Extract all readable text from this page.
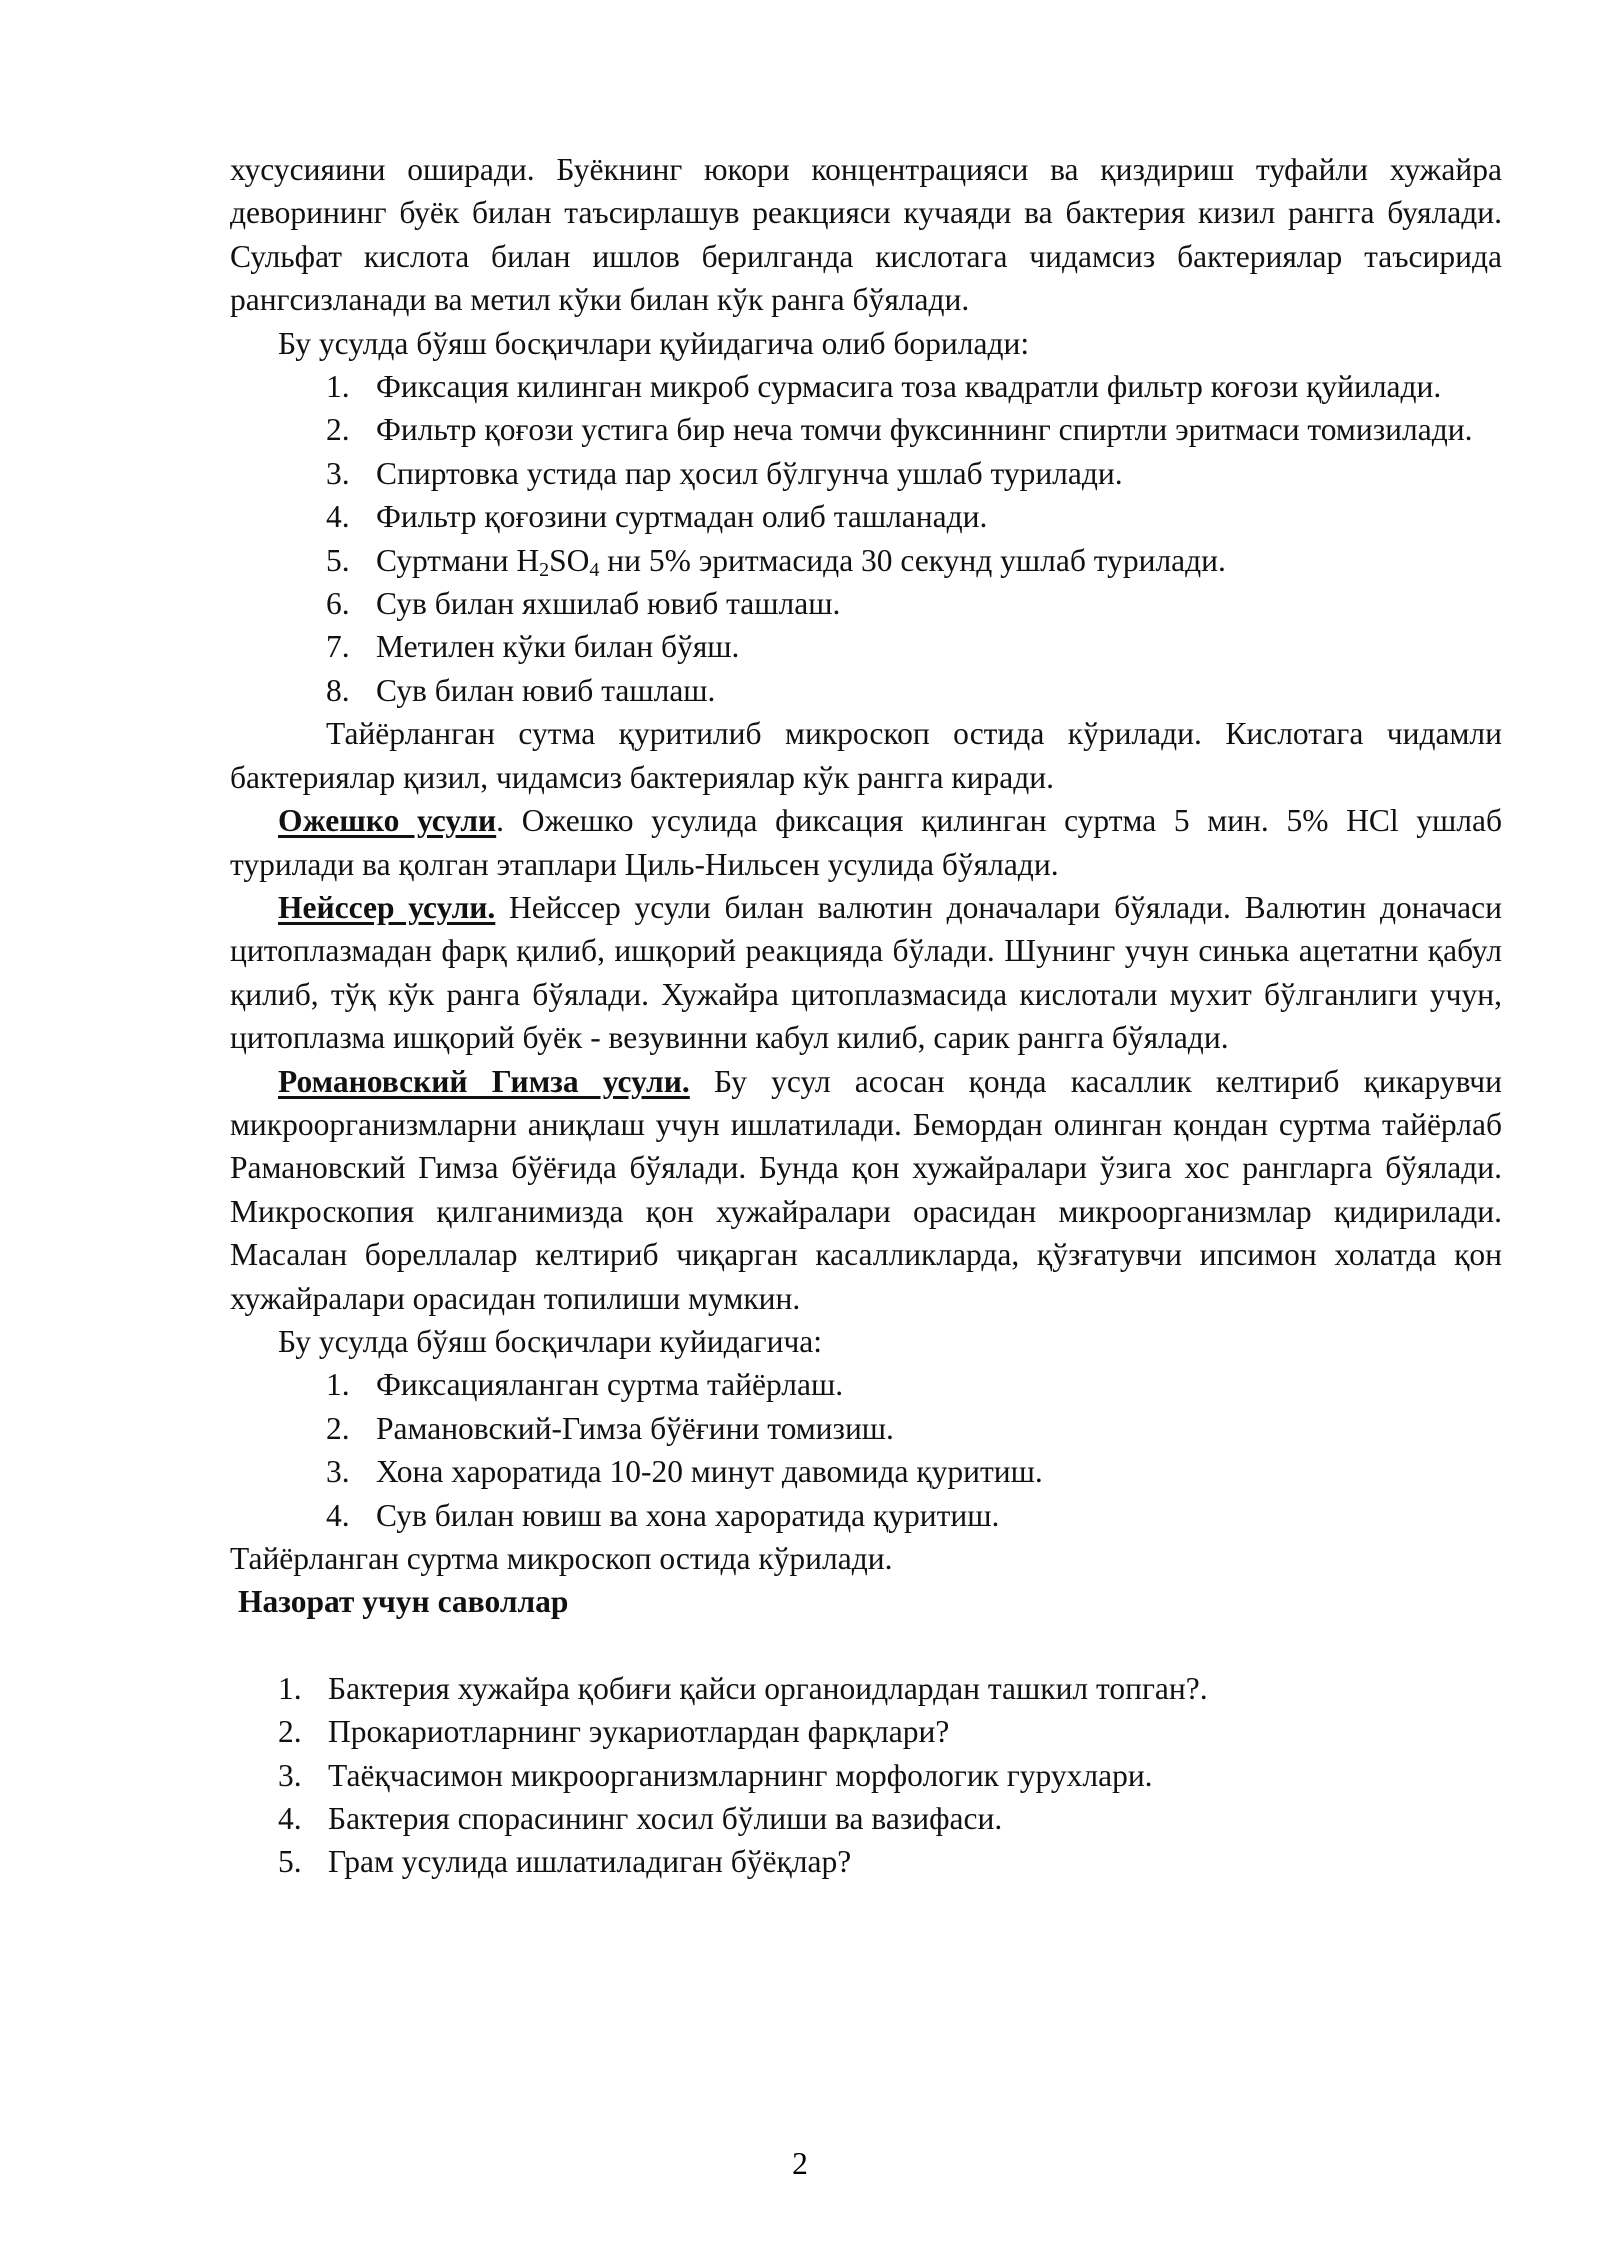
хусусияини оширади. Буёкнинг юкори концентрацияси ва қиздириш туфайли хужайра деворининг буёк билан таъсирлашув реакцияси кучаяди ва бактерия кизил рангга буялади. Сульфат кислота билан ишлов берилганда кислотага чидамсиз бактериялар таъсирида рангсизланади ва метил кўки билан кўк ранга бўялади.

Бу усулда бўяш босқичлари қуйидагича олиб борилади:

1. Фиксация килинган микроб сурмасига тоза квадратли фильтр коғози қуйилади.
2. Фильтр қоғози устига бир неча томчи фуксиннинг спиртли эритмаси томизилади.
3. Спиртовка устида пар ҳосил бўлгунча ушлаб турилади.
4. Фильтр қоғозини суртмадан олиб ташланади.
5. Суртмани $H_2SO_4$ ни 5% эритмасида 30 секунд ушлаб турилади.
6. Сув билан яхшилаб ювиб ташлаш.
7. Метилен кўки билан бўяш.
8. Сув билан ювиб ташлаш.

Тайёрланган сутма қуритилиб микроскоп остида кўрилади. Кислотага чидамли бактериялар қизил, чидамсиз бактериялар кўк рангга киради.

Ожешко усули. Ожешко усулида фиксация қилинган суртма 5 мин. 5% HCl ушлаб турилади ва қолган этаплари Циль-Нильсен усулида бўялади.

Нейссер усули. Нейссер усули билан валютин доначалари бўялади. Валютин доначаси цитоплазмадан фарқ қилиб, ишқорий реакцияда бўлади. Шунинг учун синька ацетатни қабул қилиб, тўқ кўк ранга бўялади. Хужайра цитоплазмасида кислотали мухит бўлганлиги учун, цитоплазма ишқорий буёк - везувинни кабул килиб, сарик рангга бўялади.

Романовский Гимза усули. Бу усул асосан қонда касаллик келтириб қикарувчи микроорганизмларни аниқлаш учун ишлатилади. Бемордан олинган қондан суртма тайёрлаб Рамановский Гимза бўёғида бўялади. Бунда қон хужайралари ўзига хос рангларга бўялади. Микроскопия қилганимизда қон хужайралари орасидан микроорганизмлар қидирилади. Масалан бореллалар келтириб чиқарган касалликларда, қўзғатувчи ипсимон холатда қон хужайралари орасидан топилиши мумкин.

Бу усулда бўяш босқичлари куйидагича:

1. Фиксацияланган суртма тайёрлаш.
2. Рамановский-Гимза бўёғини томизиш.
3. Хона хароратида 10-20 минут давомида қуритиш.
4. Сув билан ювиш ва хона хароратида қуритиш.

Тайёрланган суртма микроскоп остида кўрилади.

Назорат учун саволлар

1. Бактерия хужайра қобиғи қайси органоидлардан ташкил топган?.
2. Прокариотларнинг эукариотлардан фарқлари?
3. Таёқчасимон микроорганизмларнинг морфологик гурухлари.
4. Бактерия спорасининг хосил бўлиши ва вазифаси.
5. Грам усулида ишлатиладиган бўёқлар?
2
